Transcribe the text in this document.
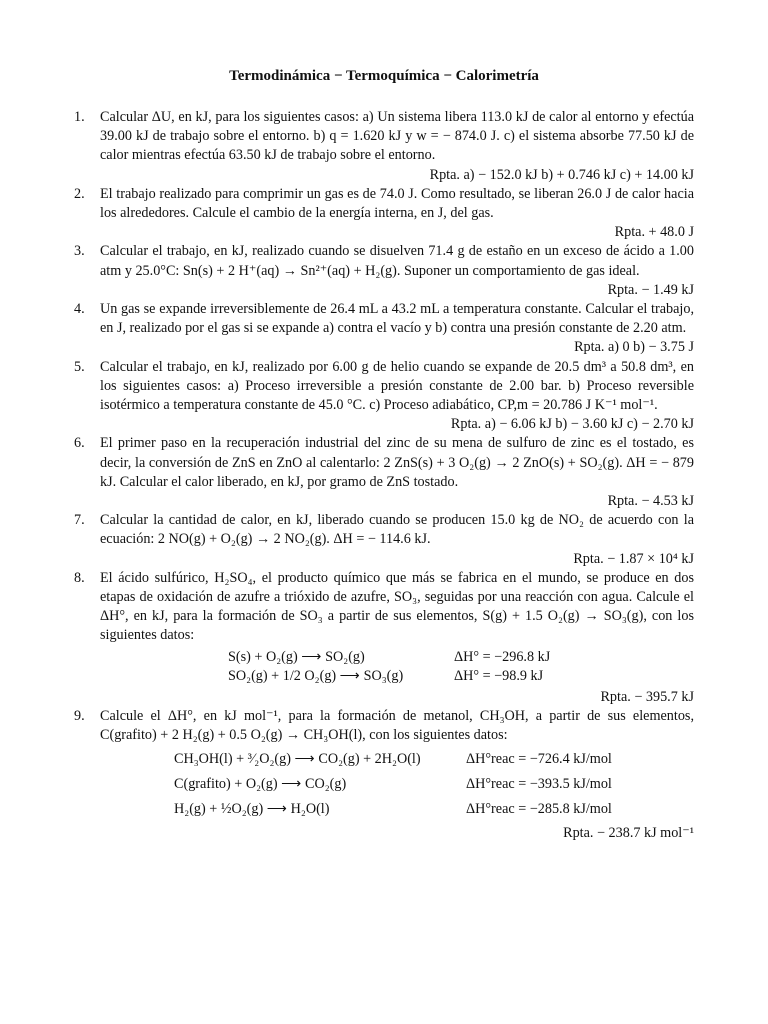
Termodinámica − Termoquímica − Calorimetría
1. Calcular ΔU, en kJ, para los siguientes casos: a) Un sistema libera 113.0 kJ de calor al entorno y efectúa 39.00 kJ de trabajo sobre el entorno. b) q = 1.620 kJ y w = − 874.0 J. c) el sistema absorbe 77.50 kJ de calor mientras efectúa 63.50 kJ de trabajo sobre el entorno.
Rpta. a) − 152.0 kJ b) + 0.746 kJ c) + 14.00 kJ
2. El trabajo realizado para comprimir un gas es de 74.0 J. Como resultado, se liberan 26.0 J de calor hacia los alrededores. Calcule el cambio de la energía interna, en J, del gas.
Rpta. + 48.0 J
3. Calcular el trabajo, en kJ, realizado cuando se disuelven 71.4 g de estaño en un exceso de ácido a 1.00 atm y 25.0°C: Sn(s) + 2 H⁺(aq) → Sn²⁺(aq) + H₂(g). Suponer un comportamiento de gas ideal.
Rpta. − 1.49 kJ
4. Un gas se expande irreversiblemente de 26.4 mL a 43.2 mL a temperatura constante. Calcular el trabajo, en J, realizado por el gas si se expande a) contra el vacío y b) contra una presión constante de 2.20 atm.
Rpta. a) 0 b) − 3.75 J
5. Calcular el trabajo, en kJ, realizado por 6.00 g de helio cuando se expande de 20.5 dm³ a 50.8 dm³, en los siguientes casos: a) Proceso irreversible a presión constante de 2.00 bar. b) Proceso reversible isotérmico a temperatura constante de 45.0 °C. c) Proceso adiabático, CP,m = 20.786 J K⁻¹ mol⁻¹.
Rpta. a) − 6.06 kJ b) − 3.60 kJ c) − 2.70 kJ
6. El primer paso en la recuperación industrial del zinc de su mena de sulfuro de zinc es el tostado, es decir, la conversión de ZnS en ZnO al calentarlo: 2 ZnS(s) + 3 O₂(g) → 2 ZnO(s) + SO₂(g). ΔH = − 879 kJ. Calcular el calor liberado, en kJ, por gramo de ZnS tostado.
Rpta. − 4.53 kJ
7. Calcular la cantidad de calor, en kJ, liberado cuando se producen 15.0 kg de NO₂ de acuerdo con la ecuación: 2 NO(g) + O₂(g) → 2 NO₂(g). ΔH = − 114.6 kJ.
Rpta. − 1.87 × 10⁴ kJ
8. El ácido sulfúrico, H₂SO₄, el producto químico que más se fabrica en el mundo, se produce en dos etapas de oxidación de azufre a trióxido de azufre, SO₃, seguidas por una reacción con agua. Calcule el ΔH°, en kJ, para la formación de SO₃ a partir de sus elementos, S(g) + 1.5 O₂(g) → SO₃(g), con los siguientes datos:
S(s) + O₂(g) ⟶ SO₂(g)	ΔH° = −296.8 kJ
SO₂(g) + 1/2 O₂(g) ⟶ SO₃(g)	ΔH° = −98.9 kJ
Rpta. − 395.7 kJ
9. Calcule el ΔH°, en kJ mol⁻¹, para la formación de metanol, CH₃OH, a partir de sus elementos, C(grafito) + 2 H₂(g) + 0.5 O₂(g) → CH₃OH(l), con los siguientes datos:
CH₃OH(l) + ³⁄₂O₂(g) ⟶ CO₂(g) + 2H₂O(l)	ΔH°reac = −726.4 kJ/mol
C(grafito) + O₂(g) ⟶ CO₂(g)	ΔH°reac = −393.5 kJ/mol
H₂(g) + ½O₂(g) ⟶ H₂O(l)	ΔH°reac = −285.8 kJ/mol
Rpta. − 238.7 kJ mol⁻¹
